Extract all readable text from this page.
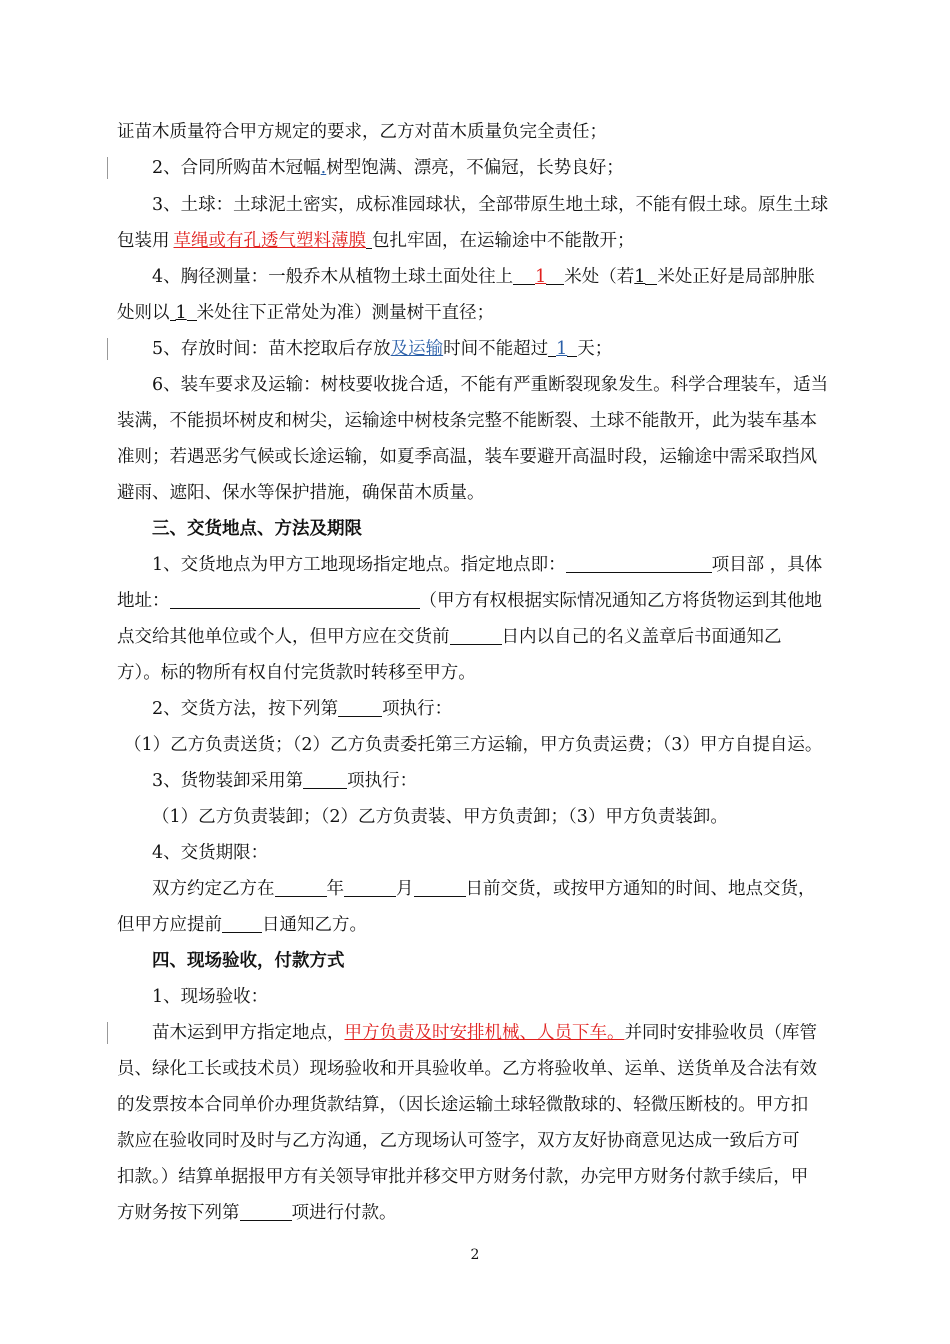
证苗木质量符合甲方规定的要求，乙方对苗木质量负完全责任；
2、合同所购苗木冠幅.树型饱满、漂亮，不偏冠，长势良好；
3、土球：土球泥土密实，成标准园球状，全部带原生地土球，不能有假土球。原生土球
包装用 草绳或有孔透气塑料薄膜 包扎牢固，在运输途中不能散开；
4、胸径测量：一般乔木从植物土球土面处往上 1 米处（若1 米处正好是局部肿胀
处则以 1 米处往下正常处为准）测量树干直径；
5、存放时间：苗木挖取后存放及运输时间不能超过 1 天；
6、装车要求及运输：树枝要收拢合适，不能有严重断裂现象发生。科学合理装车，适当
装满，不能损坏树皮和树尖，运输途中树枝条完整不能断裂、土球不能散开，此为装车基本
准则；若遇恶劣气候或长途运输，如夏季高温，装车要避开高温时段，运输途中需采取挡风
避雨、遮阳、保水等保护措施，确保苗木质量。
三、交货地点、方法及期限
1、交货地点为甲方工地现场指定地点。指定地点即：	项目部 ，具体
地址：	（甲方有权根据实际情况通知乙方将货物运到其他地
点交给其他单位或个人，但甲方应在交货前	日内以自己的名义盖章后书面通知乙
方）。标的物所有权自付完货款时转移至甲方。
2、交货方法，按下列第	项执行：
（1）乙方负责送货；（2）乙方负责委托第三方运输，甲方负责运费；（3）甲方自提自运。
3、货物装卸采用第	项执行：
（1）乙方负责装卸；（2）乙方负责装、甲方负责卸；（3）甲方负责装卸。
4、交货期限：
双方约定乙方在	年	月	日前交货，或按甲方通知的时间、地点交货，
但甲方应提前 日通知乙方。
四、现场验收，付款方式
1、现场验收：
苗木运到甲方指定地点，甲方负责及时安排机械、人员下车。并同时安排验收员（库管
员、绿化工长或技术员）现场验收和开具验收单。乙方将验收单、运单、送货单及合法有效
的发票按本合同单价办理货款结算，（因长途运输土球轻微散球的、轻微压断枝的。甲方扣
款应在验收同时及时与乙方沟通，乙方现场认可签字，双方友好协商意见达成一致后方可
扣款。）结算单据报甲方有关领导审批并移交甲方财务付款，办完甲方财务付款手续后，甲
方财务按下列第	项进行付款。
2
